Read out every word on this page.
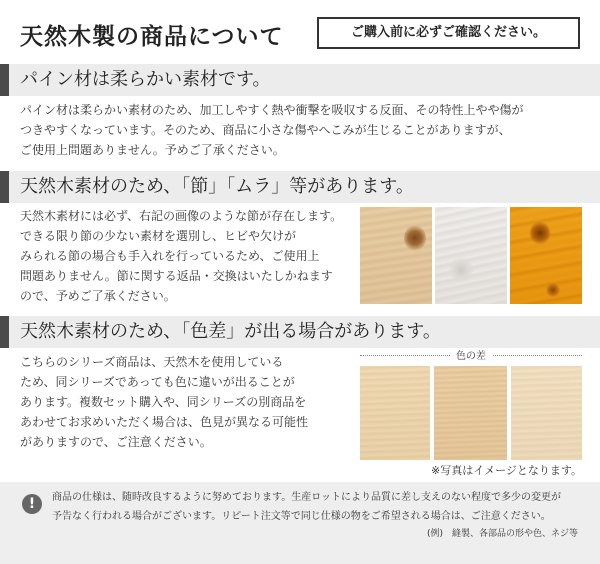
天然木製の商品について	ご購入前に必ずご確認ください。
パイン材は柔らかい素材です。
パイン材は柔らかい素材のため、加工しやすく熱や衝撃を吸収する反面、その特性上やや傷が
つきやすくなっています。そのため、商品に小さな傷やへこみが生じることがありますが、
ご使用上問題ありません。予めご了承ください。
天然木素材のため、「節」「ムラ」等があります。
天然木素材には必ず、右記の画像のような節が存在します。
できる限り節の少ない素材を選別し、ヒビや欠けが
みられる節の場合も手入れを行っているため、ご使用上
問題ありません。節に関する返品・交換はいたしかねます
ので、予めご了承ください。
天然木素材のため、「色差」が出る場合があります。
こちらのシリーズ商品は、天然木を使用している
ため、同シリーズであっても色に違いが出ることが
あります。複数セット購入や、同シリーズの別商品を
あわせてお求めいただく場合は、色見が異なる可能性
がありますので、ご注意ください。
色の差
※写真はイメージとなります。
!	商品の仕様は、随時改良するように努めております。生産ロットにより品質に差し支えのない程度で多少の変更が
予告なく行われる場合がございます。リピート注文等で同じ仕様の物をご希望される場合は、ご注意ください。
(例)　縫製、各部品の形や色、ネジ等
